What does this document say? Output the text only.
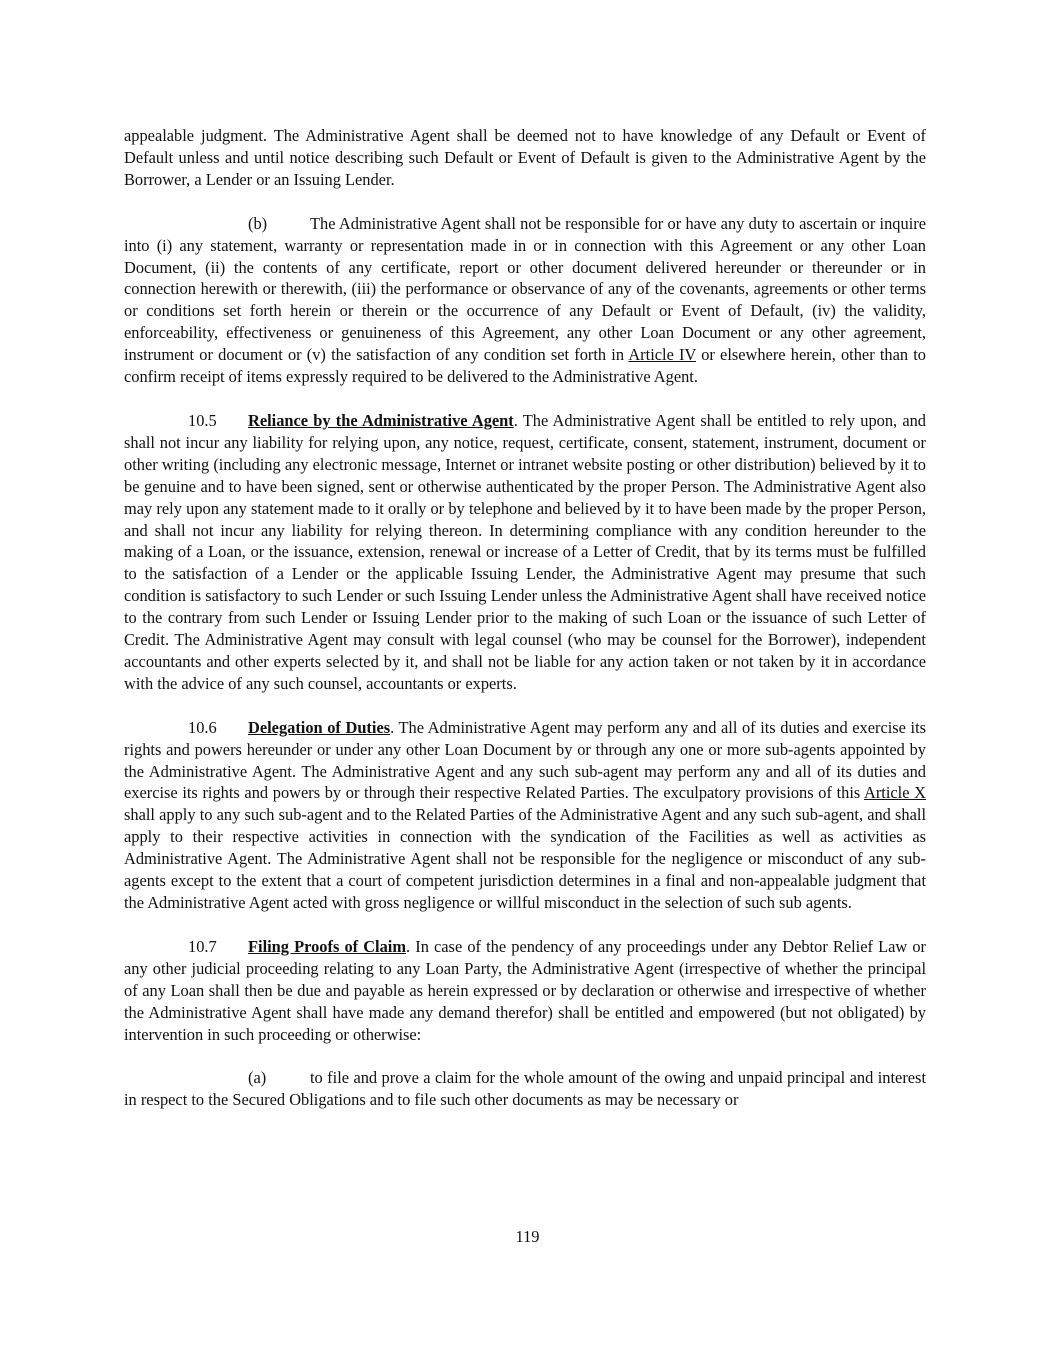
appealable judgment. The Administrative Agent shall be deemed not to have knowledge of any Default or Event of Default unless and until notice describing such Default or Event of Default is given to the Administrative Agent by the Borrower, a Lender or an Issuing Lender.

(b)	The Administrative Agent shall not be responsible for or have any duty to ascertain or inquire into (i) any statement, warranty or representation made in or in connection with this Agreement or any other Loan Document, (ii) the contents of any certificate, report or other document delivered hereunder or thereunder or in connection herewith or therewith, (iii) the performance or observance of any of the covenants, agreements or other terms or conditions set forth herein or therein or the occurrence of any Default or Event of Default, (iv) the validity, enforceability, effectiveness or genuineness of this Agreement, any other Loan Document or any other agreement, instrument or document or (v) the satisfaction of any condition set forth in Article IV or elsewhere herein, other than to confirm receipt of items expressly required to be delivered to the Administrative Agent.

10.5 Reliance by the Administrative Agent. The Administrative Agent shall be entitled to rely upon, and shall not incur any liability for relying upon, any notice, request, certificate, consent, statement, instrument, document or other writing (including any electronic message, Internet or intranet website posting or other distribution) believed by it to be genuine and to have been signed, sent or otherwise authenticated by the proper Person. The Administrative Agent also may rely upon any statement made to it orally or by telephone and believed by it to have been made by the proper Person, and shall not incur any liability for relying thereon. In determining compliance with any condition hereunder to the making of a Loan, or the issuance, extension, renewal or increase of a Letter of Credit, that by its terms must be fulfilled to the satisfaction of a Lender or the applicable Issuing Lender, the Administrative Agent may presume that such condition is satisfactory to such Lender or such Issuing Lender unless the Administrative Agent shall have received notice to the contrary from such Lender or Issuing Lender prior to the making of such Loan or the issuance of such Letter of Credit. The Administrative Agent may consult with legal counsel (who may be counsel for the Borrower), independent accountants and other experts selected by it, and shall not be liable for any action taken or not taken by it in accordance with the advice of any such counsel, accountants or experts.

10.6 Delegation of Duties. The Administrative Agent may perform any and all of its duties and exercise its rights and powers hereunder or under any other Loan Document by or through any one or more sub-agents appointed by the Administrative Agent. The Administrative Agent and any such sub-agent may perform any and all of its duties and exercise its rights and powers by or through their respective Related Parties. The exculpatory provisions of this Article X shall apply to any such sub-agent and to the Related Parties of the Administrative Agent and any such sub-agent, and shall apply to their respective activities in connection with the syndication of the Facilities as well as activities as Administrative Agent. The Administrative Agent shall not be responsible for the negligence or misconduct of any sub-agents except to the extent that a court of competent jurisdiction determines in a final and non-appealable judgment that the Administrative Agent acted with gross negligence or willful misconduct in the selection of such sub agents.

10.7 Filing Proofs of Claim. In case of the pendency of any proceedings under any Debtor Relief Law or any other judicial proceeding relating to any Loan Party, the Administrative Agent (irrespective of whether the principal of any Loan shall then be due and payable as herein expressed or by declaration or otherwise and irrespective of whether the Administrative Agent shall have made any demand therefor) shall be entitled and empowered (but not obligated) by intervention in such proceeding or otherwise:

(a)	to file and prove a claim for the whole amount of the owing and unpaid principal and interest in respect to the Secured Obligations and to file such other documents as may be necessary or

119
